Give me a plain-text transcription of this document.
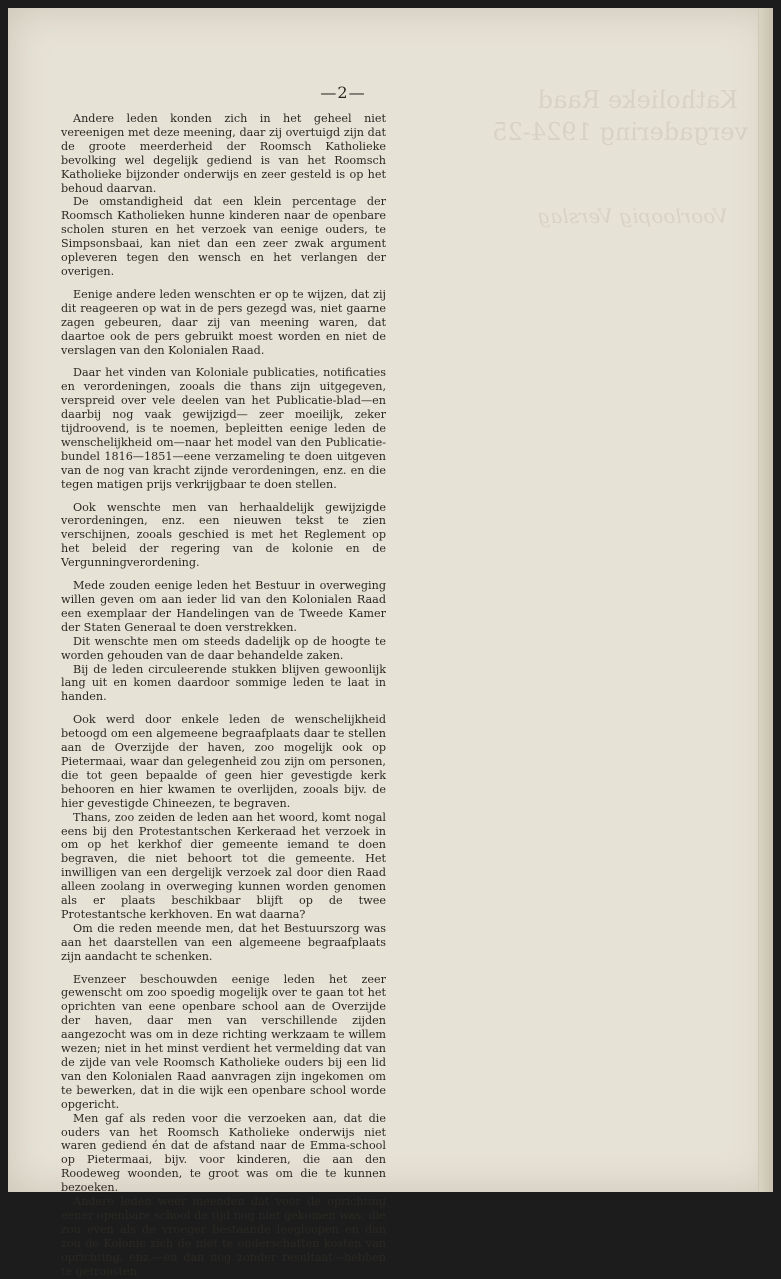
Katholieke Raad
vergadering 1924-25
Voorloopig Verslag
—2—

Andere leden konden zich in het geheel niet vereenigen met deze meening, daar zij overtuigd zijn dat de groote meerderheid der Roomsch Katholieke bevolking wel degelijk gediend is van het Roomsch Katholieke bijzonder onderwijs en zeer gesteld is op het behoud daarvan.

De omstandigheid dat een klein percentage der Roomsch Katholieken hunne kinderen naar de openbare scholen sturen en het verzoek van eenige ouders, te Simpsonsbaai, kan niet dan een zeer zwak argument opleveren tegen den wensch en het verlangen der overigen.

Eenige andere leden wenschten er op te wijzen, dat zij dit reageeren op wat in de pers gezegd was, niet gaarne zagen gebeuren, daar zij van meening waren, dat daartoe ook de pers gebruikt moest worden en niet de verslagen van den Kolonialen Raad.

Daar het vinden van Koloniale publicaties, notificaties en verordeningen, zooals die thans zijn uitgegeven, verspreid over vele deelen van het Publicatie-blad—en daarbij nog vaak gewijzigd— zeer moeilijk, zeker tijdroovend, is te noemen, bepleitten eenige leden de wenschelijkheid om—naar het model van den Publicatie-bundel 1816—1851—eene verzameling te doen uitgeven van de nog van kracht zijnde verordeningen, enz. en die tegen matigen prijs verkrijgbaar te doen stellen.

Ook wenschte men van herhaaldelijk gewijzigde verordeningen, enz. een nieuwen tekst te zien verschijnen, zooals geschied is met het Reglement op het beleid der regering van de kolonie en de Vergunningverordening.

Mede zouden eenige leden het Bestuur in overweging willen geven om aan ieder lid van den Kolonialen Raad een exemplaar der Handelingen van de Tweede Kamer der Staten Generaal te doen verstrekken.

Dit wenschte men om steeds dadelijk op de hoogte te worden gehouden van de daar behandelde zaken.

Bij de leden circuleerende stukken blijven gewoonlijk lang uit en komen daardoor sommige leden te laat in handen.

Ook werd door enkele leden de wenschelijkheid betoogd om een algemeene begraafplaats daar te stellen aan de Overzijde der haven, zoo mogelijk ook op Pietermaai, waar dan gelegenheid zou zijn om personen, die tot geen bepaalde of geen hier gevestigde kerk behooren en hier kwamen te overlijden, zooals bijv. de hier gevestigde Chineezen, te begraven.

Thans, zoo zeiden de leden aan het woord, komt nogal eens bij den Protestantschen Kerkeraad het verzoek in om op het kerkhof dier gemeente iemand te doen begraven, die niet behoort tot die gemeente. Het inwilligen van een dergelijk verzoek zal door dien Raad alleen zoolang in overweging kunnen worden genomen als er plaats beschikbaar blijft op de twee Protestantsche kerkhoven. En wat daarna?

Om die reden meende men, dat het Bestuurszorg was aan het daarstellen van een algemeene begraafplaats zijn aandacht te schenken.

Evenzeer beschouwden eenige leden het zeer gewenscht om zoo spoedig mogelijk over te gaan tot het oprichten van eene openbare school aan de Overzijde der haven, daar men van verschillende zijden aangezocht was om in deze richting werkzaam te willem wezen; niet in het minst verdient het vermelding dat van de zijde van vele Roomsch Katholieke ouders bij een lid van den Kolonialen Raad aanvragen zijn ingekomen om te bewerken, dat in die wijk een openbare school worde opgericht.

Men gaf als reden voor die verzoeken aan, dat die ouders van het Roomsch Katholieke onderwijs niet waren gediend én dat de afstand naar de Emma-school op Pietermaai, bijv. voor kinderen, die aan den Roodeweg woonden, te groot was om die te kunnen bezoeken.

Andere leden weer meenden dat voor de oprichting eener openbare school de tijd nog niet gekomen was; die zou even als de vroeger bestaande leegloopen en dan zou de Kolonie zich de niet te onderschatten kosten van oprichting, enz.—en dan nog zonder resultaat—hebben te getroosten.
